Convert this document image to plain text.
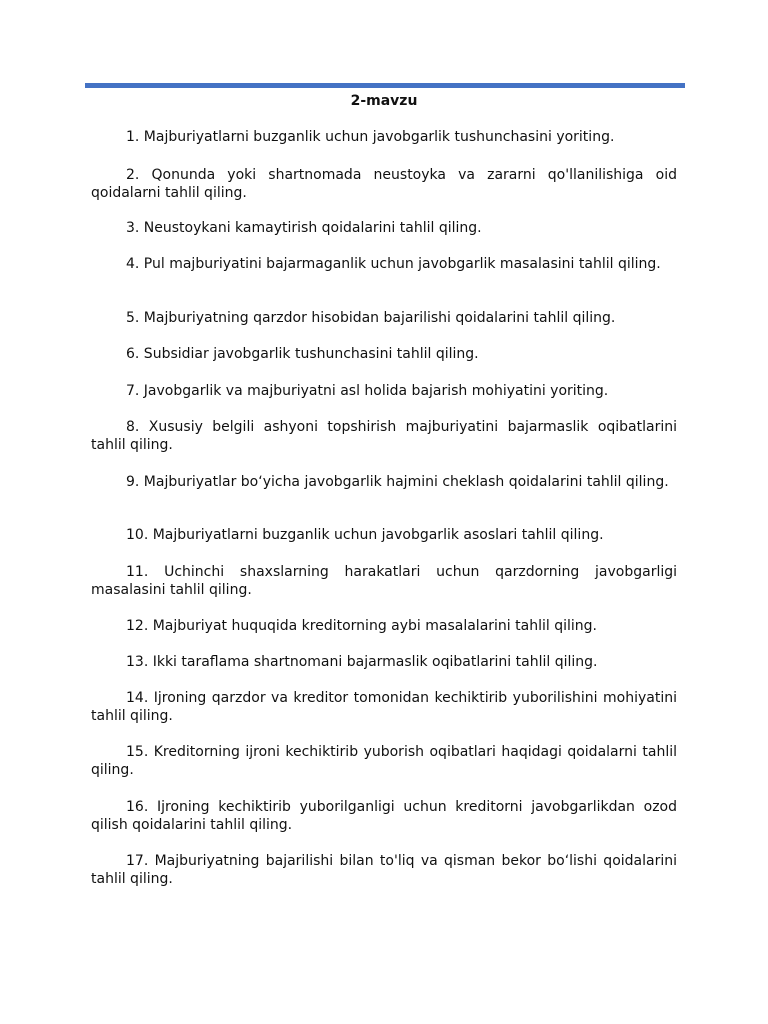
2-mavzu

1. Majburiyatlarni buzganlik uchun javobgarlik tushunchasini yoriting.

2. Qonunda yoki shartnomada neustoyka va zararni qo'llanilishiga oid qoidalarni tahlil qiling.

3. Neustoykani kamaytirish qoidalarini tahlil qiling.

4. Pul majburiyatini bajarmaganlik uchun javobgarlik masalasini tahlil qiling.

5. Majburiyatning qarzdor hisobidan bajarilishi qoidalarini tahlil qiling.

6. Subsidiar javobgarlik tushunchasini tahlil qiling.

7. Javobgarlik va majburiyatni asl holida bajarish mohiyatini yoriting.

8. Xususiy belgili ashyoni topshirish majburiyatini bajarmaslik oqibatlarini tahlil qiling.

9. Majburiyatlar bo‘yicha javobgarlik hajmini cheklash qoidalarini tahlil qiling.

10. Majburiyatlarni buzganlik uchun javobgarlik asoslari tahlil qiling.

11. Uchinchi shaxslarning harakatlari uchun qarzdorning javobgarligi masalasini tahlil qiling.

12. Majburiyat huquqida kreditorning aybi masalalarini tahlil qiling.

13. Ikki taraflama shartnomani bajarmaslik oqibatlarini tahlil qiling.

14. Ijroning qarzdor va kreditor tomonidan kechiktirib yuborilishini mohiyatini tahlil qiling.

15. Kreditorning ijroni kechiktirib yuborish oqibatlari haqidagi qoidalarni tahlil qiling.

16. Ijroning kechiktirib yuborilganligi uchun kreditorni javobgarlikdan ozod qilish qoidalarini tahlil qiling.

17. Majburiyatning bajarilishi bilan to'liq va qisman bekor bo‘lishi qoidalarini tahlil qiling.
